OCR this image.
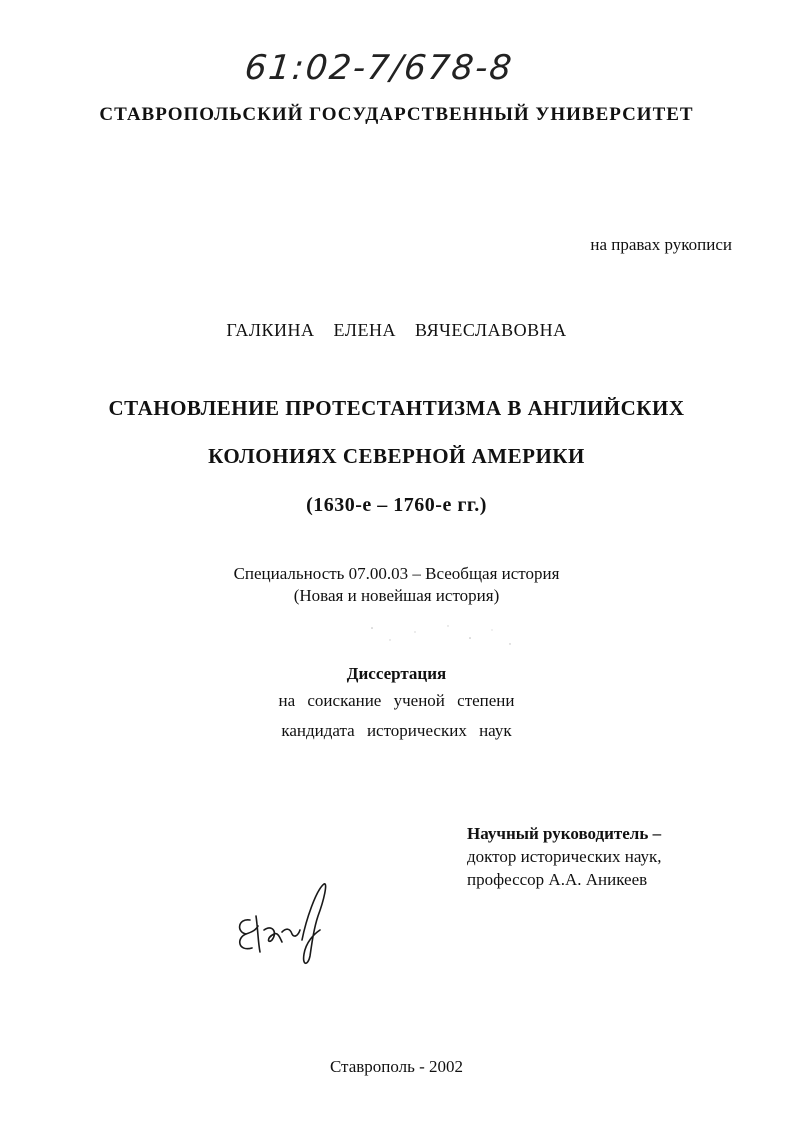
61:02-7/678-8
СТАВРОПОЛЬСКИЙ ГОСУДАРСТВЕННЫЙ УНИВЕРСИТЕТ
на правах рукописи
ГАЛКИНА ЕЛЕНА ВЯЧЕСЛАВОВНА
СТАНОВЛЕНИЕ ПРОТЕСТАНТИЗМА В АНГЛИЙСКИХ
КОЛОНИЯХ СЕВЕРНОЙ АМЕРИКИ
(1630-е – 1760-е гг.)
Специальность 07.00.03 – Всеобщая история
(Новая и новейшая история)
Диссертация
на соискание ученой степени
кандидата исторических наук
Научный руководитель –
доктор исторических наук,
профессор А.А. Аникеев
Ставрополь - 2002
